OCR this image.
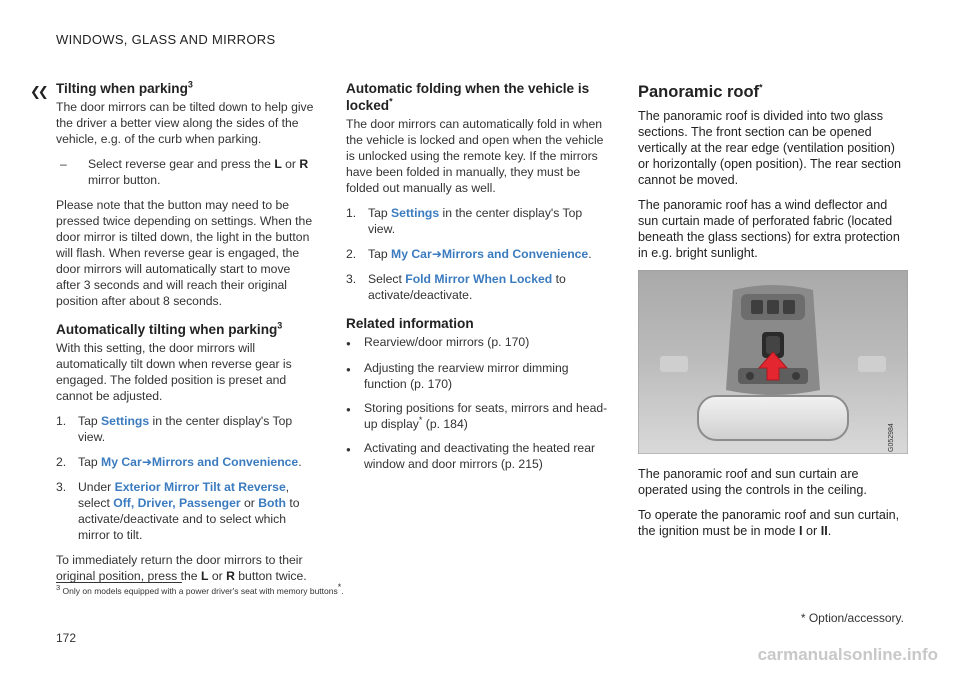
WINDOWS, GLASS AND MIRRORS
❮❮ Tilting when parking$^3$

The door mirrors can be tilted down to help give the driver a better view along the sides of the vehicle, e.g. of the curb when parking.

–	Select reverse gear and press the L or R mirror button.

Please note that the button may need to be pressed twice depending on settings. When the door mirror is tilted down, the light in the button will flash. When reverse gear is engaged, the door mirrors will automatically start to move after 3 seconds and will reach their original position after about 8 seconds.

Automatically tilting when parking$^3$

With this setting, the door mirrors will automatically tilt down when reverse gear is engaged. The folded position is preset and cannot be adjusted.

1. Tap Settings in the center display's Top view.
2. Tap My Car➜Mirrors and Convenience.
3. Under Exterior Mirror Tilt at Reverse, select Off, Driver, Passenger or Both to activate/deactivate and to select which mirror to tilt.

To immediately return the door mirrors to their original position, press the L or R button twice.

Automatic folding when the vehicle is locked*

The door mirrors can automatically fold in when the vehicle is locked and open when the vehicle is unlocked using the remote key. If the mirrors have been folded in manually, they must be folded out manually as well.

1. Tap Settings in the center display's Top view.
2. Tap My Car➜Mirrors and Convenience.
3. Select Fold Mirror When Locked to activate/deactivate.
Related information
●	Rearview/door mirrors (p. 170)
●	Adjusting the rearview mirror dimming function (p. 170)
●	Storing positions for seats, mirrors and head-up display* (p. 184)
●	Activating and deactivating the heated rear window and door mirrors (p. 215)
Panoramic roof*

The panoramic roof is divided into two glass sections. The front section can be opened vertically at the rear edge (ventilation position) or horizontally (open position). The rear section cannot be moved.

The panoramic roof has a wind deflector and sun curtain made of perforated fabric (located beneath the glass sections) for extra protection in e.g. bright sunlight.

G052984

The panoramic roof and sun curtain are operated using the controls in the ceiling.

To operate the panoramic roof and sun curtain, the ignition must be in mode I or II.

3 Only on models equipped with a power driver's seat with memory buttons*.
* Option/accessory.
172
carmanualsonline.info
